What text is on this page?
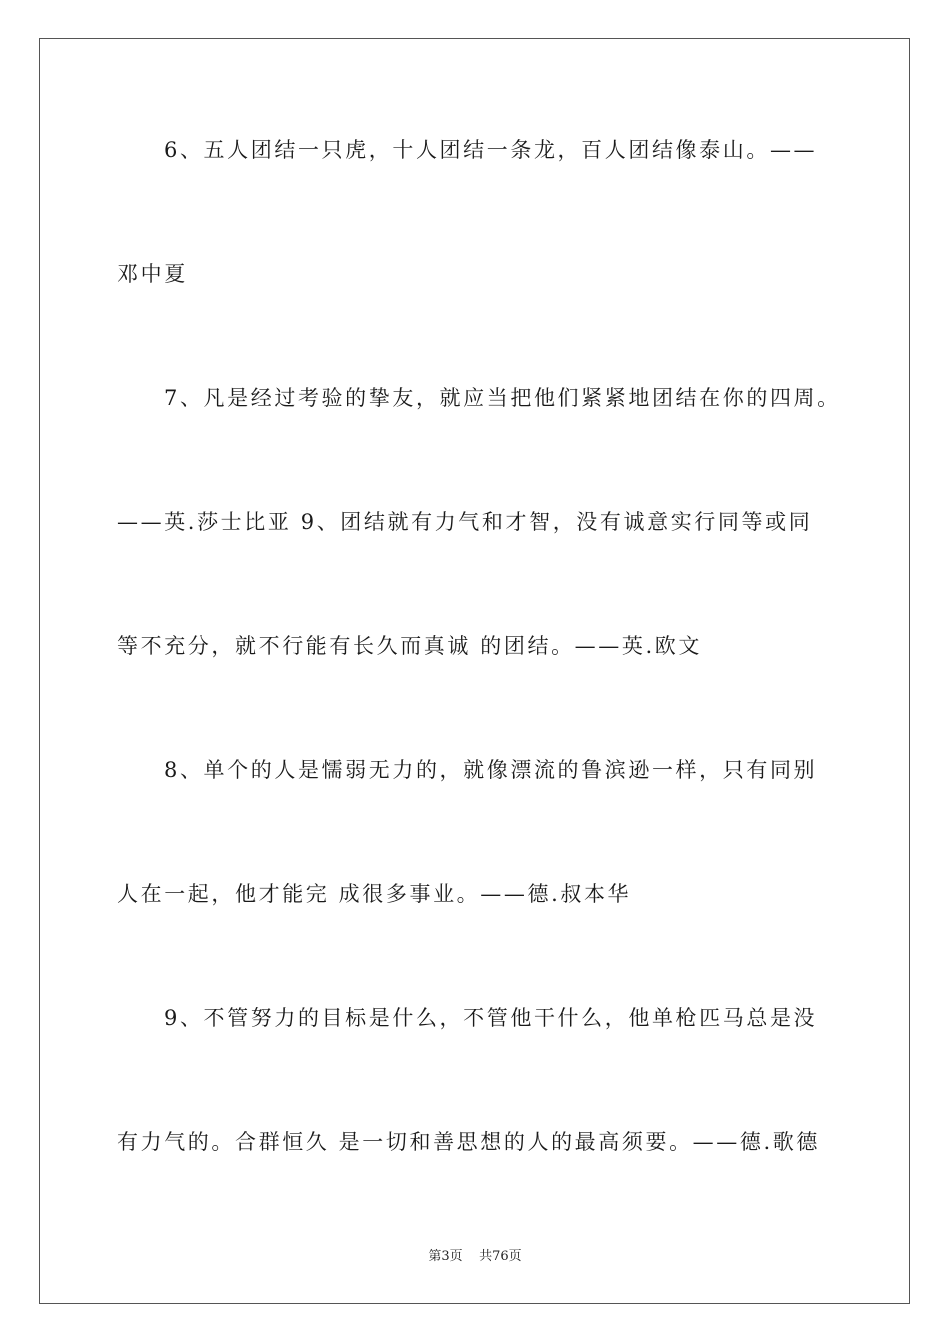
6、五人团结一只虎，十人团结一条龙，百人团结像泰山。——
邓中夏
7、凡是经过考验的挚友，就应当把他们紧紧地团结在你的四周。
——英.莎士比亚 9、团结就有力气和才智，没有诚意实行同等或同
等不充分，就不行能有长久而真诚 的团结。——英.欧文
8、单个的人是懦弱无力的，就像漂流的鲁滨逊一样，只有同别
人在一起，他才能完 成很多事业。——德.叔本华
9、不管努力的目标是什么，不管他干什么，他单枪匹马总是没
有力气的。合群恒久 是一切和善思想的人的最高须要。——德.歌德
第3页 共76页
